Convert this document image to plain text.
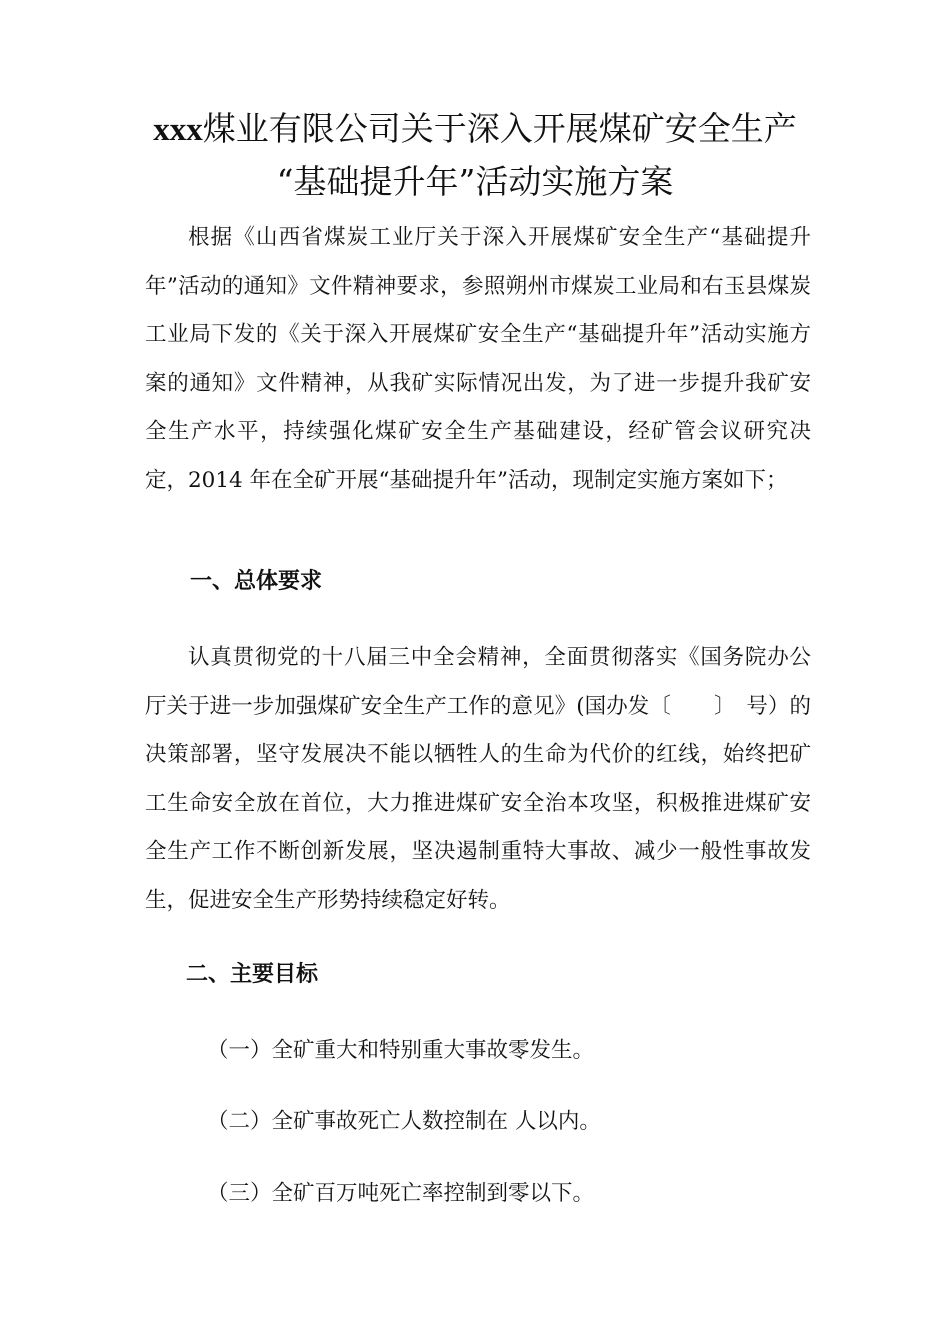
xxx煤业有限公司关于深入开展煤矿安全生产
“基础提升年”活动实施方案
根据《山西省煤炭工业厅关于深入开展煤矿安全生产“基础提升年”活动的通知》文件精神要求，参照朔州市煤炭工业局和右玉县煤炭工业局下发的《关于深入开展煤矿安全生产“基础提升年”活动实施方案的通知》文件精神，从我矿实际情况出发，为了进一步提升我矿安全生产水平，持续强化煤矿安全生产基础建设，经矿管会议研究决定，2014 年在全矿开展“基础提升年”活动，现制定实施方案如下；
一、总体要求
认真贯彻党的十八届三中全会精神，全面贯彻落实《国务院办公厅关于进一步加强煤矿安全生产工作的意见》(国办发〔　　〕　号）的决策部署，坚守发展决不能以牺牲人的生命为代价的红线，始终把矿工生命安全放在首位，大力推进煤矿安全治本攻坚，积极推进煤矿安全生产工作不断创新发展，坚决遏制重特大事故、减少一般性事故发生，促进安全生产形势持续稳定好转。
二、主要目标
（一）全矿重大和特别重大事故零发生。
（二）全矿事故死亡人数控制在 人以内。
（三）全矿百万吨死亡率控制到零以下。
